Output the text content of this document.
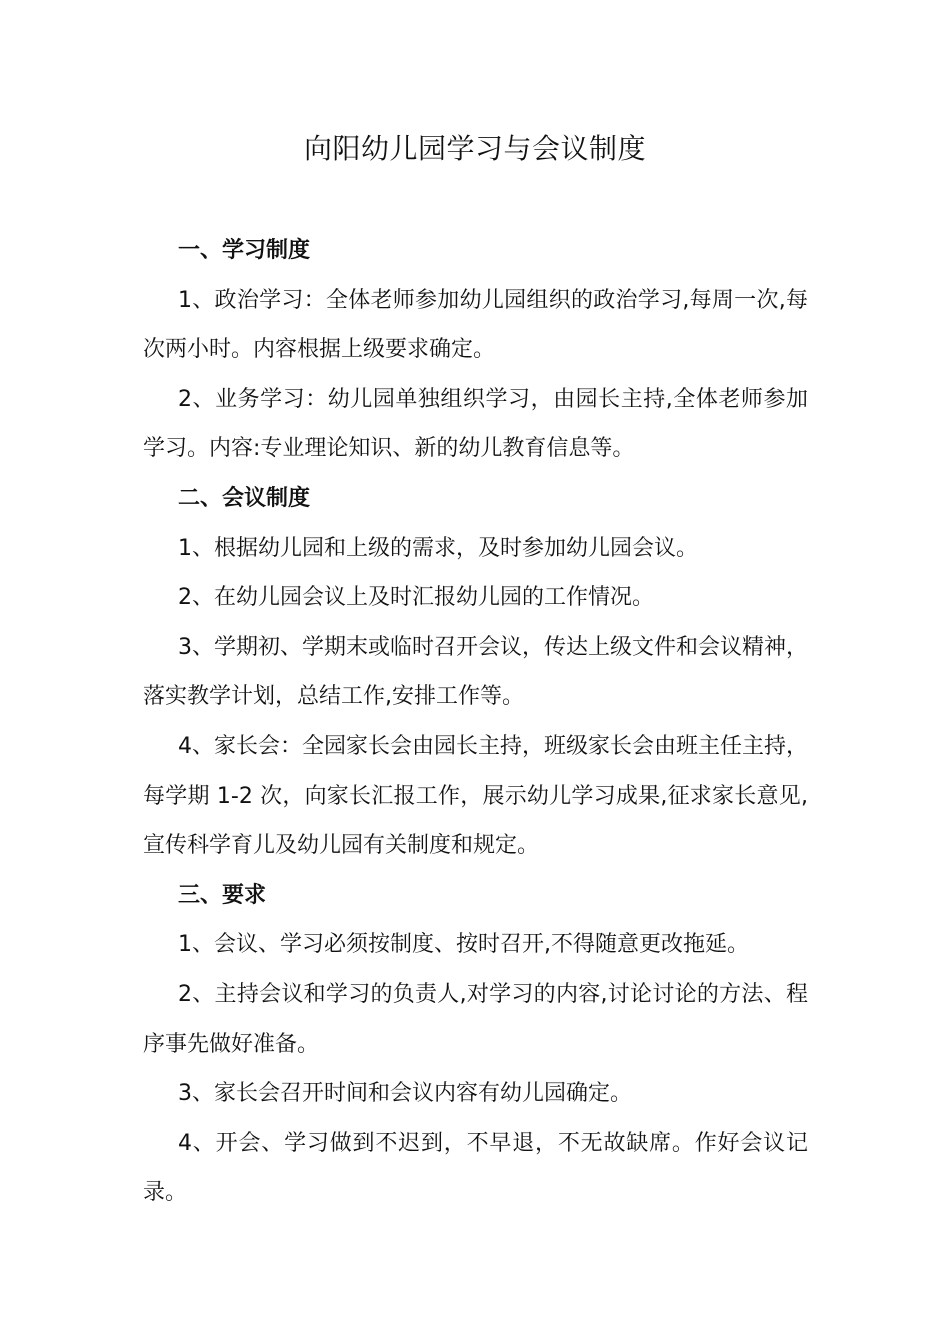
向阳幼儿园学习与会议制度

一、学习制度

1、政治学习：全体老师参加幼儿园组织的政治学习,每周一次,每次两小时。内容根据上级要求确定。

2、业务学习：幼儿园单独组织学习，由园长主持,全体老师参加学习。内容:专业理论知识、新的幼儿教育信息等。

二、会议制度

1、根据幼儿园和上级的需求，及时参加幼儿园会议。

2、在幼儿园会议上及时汇报幼儿园的工作情况。

3、学期初、学期末或临时召开会议，传达上级文件和会议精神，落实教学计划，总结工作,安排工作等。

4、家长会：全园家长会由园长主持，班级家长会由班主任主持，每学期 1-2 次，向家长汇报工作，展示幼儿学习成果,征求家长意见,宣传科学育儿及幼儿园有关制度和规定。

三、要求

1、会议、学习必须按制度、按时召开,不得随意更改拖延。

2、主持会议和学习的负责人,对学习的内容,讨论讨论的方法、程序事先做好准备。

3、家长会召开时间和会议内容有幼儿园确定。

4、开会、学习做到不迟到，不早退，不无故缺席。作好会议记录。
